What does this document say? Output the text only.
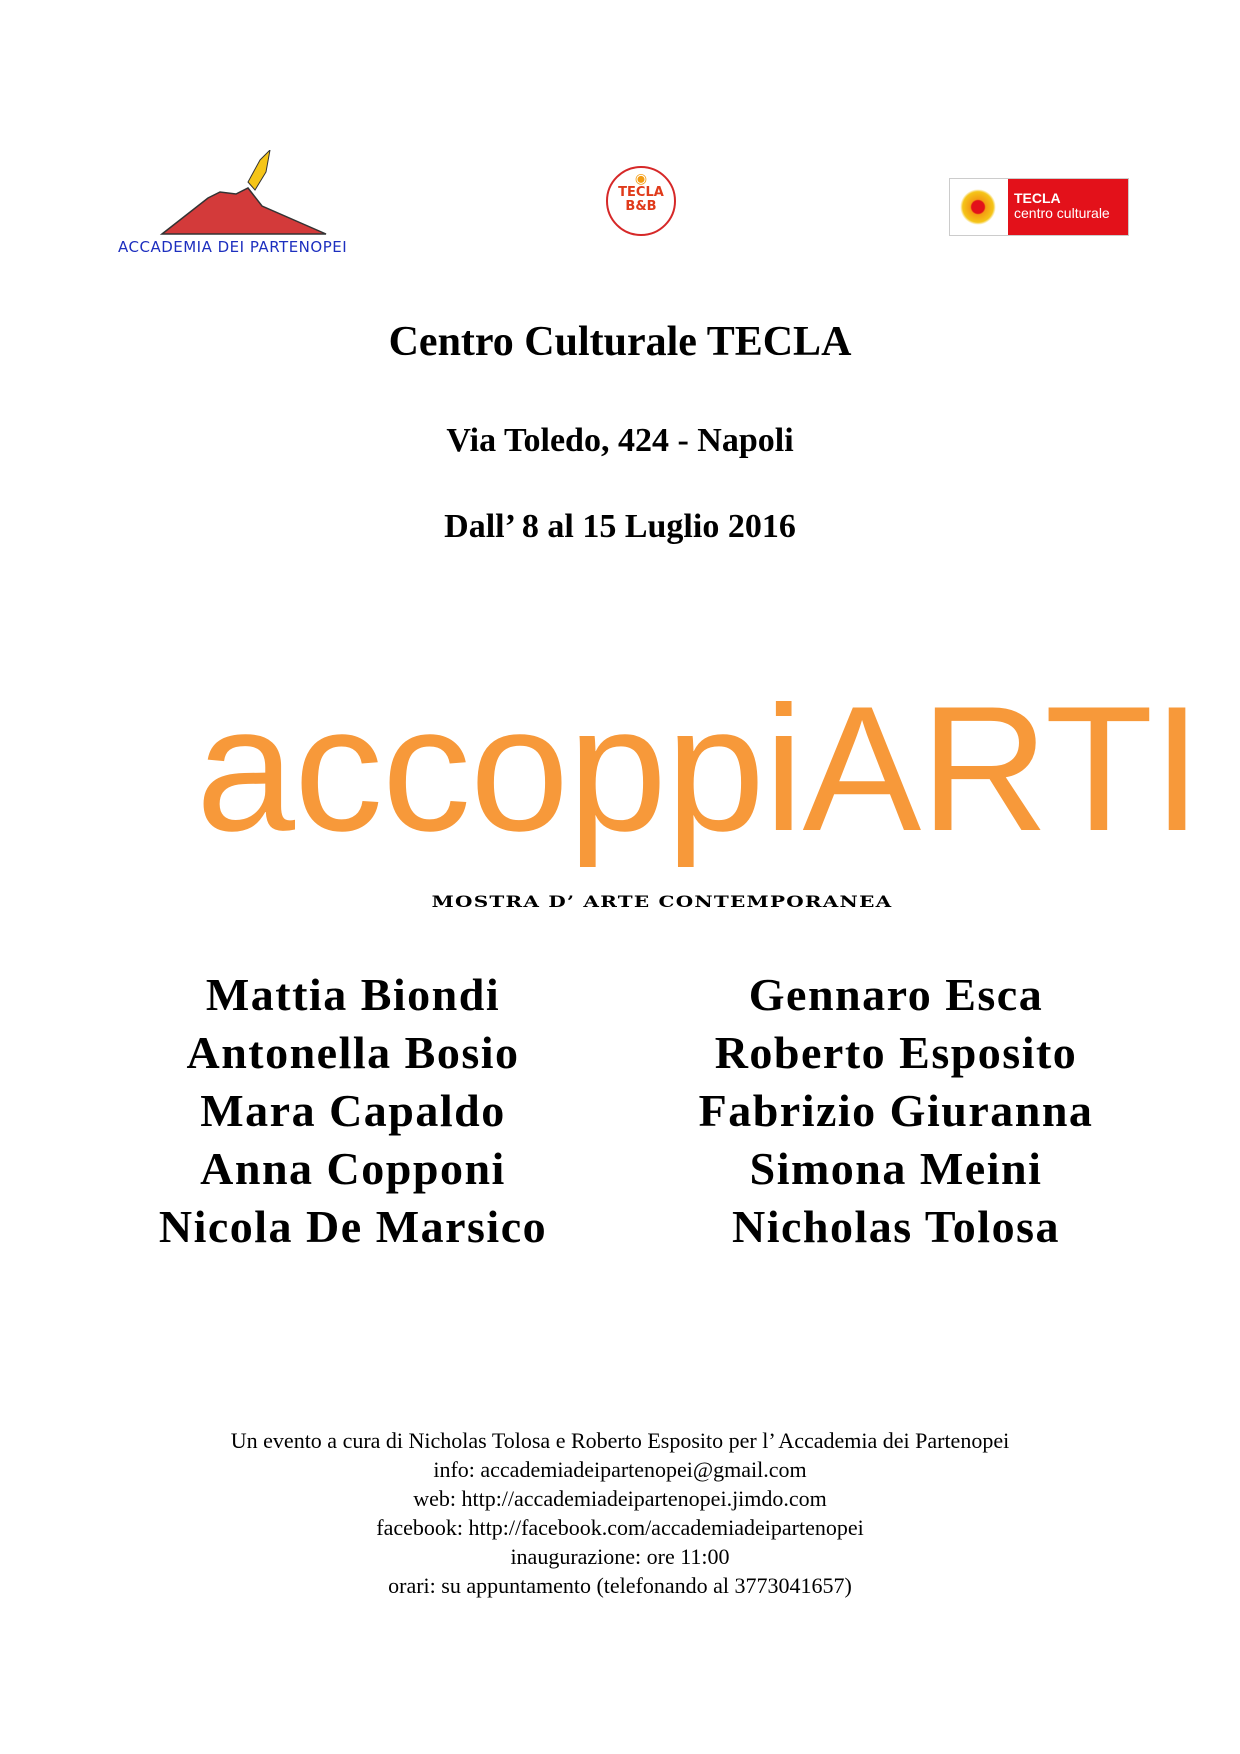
ACCADEMIA DEI PARTENOPEI
◉
TECLA
B&B
TECLA
centro culturale
Centro Culturale TECLA
Via Toledo, 424 - Napoli
Dall’ 8 al 15 Luglio 2016
accoppiARTI
MOSTRA D’ ARTE CONTEMPORANEA
Mattia Biondi
Antonella Bosio
Mara Capaldo
Anna Copponi
Nicola De Marsico
Gennaro Esca
Roberto Esposito
Fabrizio Giuranna
Simona Meini
Nicholas Tolosa
Un evento a cura di Nicholas Tolosa e Roberto Esposito per l’ Accademia dei Partenopei
info: accademiadeipartenopei@gmail.com
web: http://accademiadeipartenopei.jimdo.com
facebook: http://facebook.com/accademiadeipartenopei
inaugurazione: ore 11:00
orari: su appuntamento (telefonando al 3773041657)
